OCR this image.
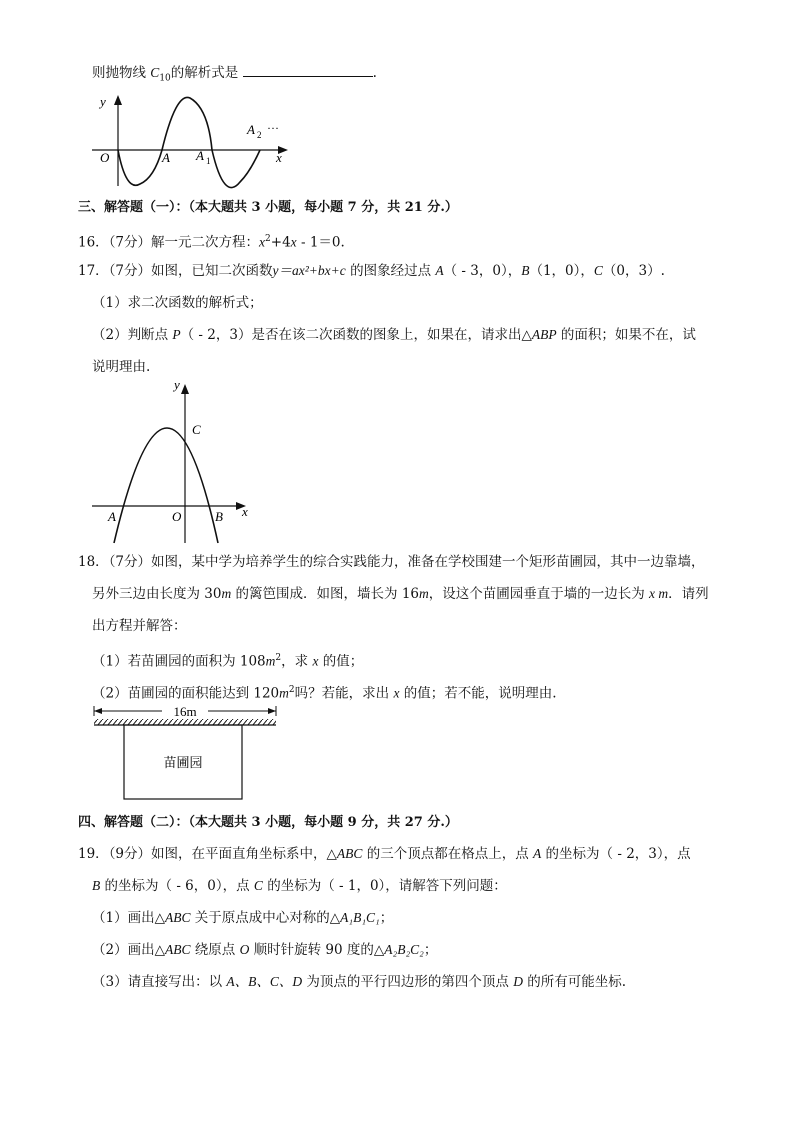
则抛物线 $C_{10}$的解析式是	.
y
O	A A 1
A 2 ···
x
三、解答题（一）：（本大题共 3 小题，每小题 7 分，共 21 分.）
16．（7分）解一元二次方程：$x^2+4x - 1=0$.
17．（7分）如图，已知二次函数y＝ax²+bx+c 的图象经过点 A（ - 3，0），B（1，0），C（0，3）.
（1）求二次函数的解析式；
（2）判断点 P（ - 2，3）是否在该二次函数的图象上，如果在，请求出△ABP 的面积；如果不在，试
说明理由.
y
C
A	O	B x
18．（7分）如图，某中学为培养学生的综合实践能力，准备在学校围建一个矩形苗圃园，其中一边靠墙，
另外三边由长度为 30m 的篱笆围成．如图，墙长为 16m，设这个苗圃园垂直于墙的一边长为 x m．请列
出方程并解答：
（1）若苗圃园的面积为 $108m^2$，求 x 的值；
（2）苗圃园的面积能达到 $120m^2$吗？若能，求出 x 的值；若不能，说明理由.
16m
苗圃园
四、解答题（二）：（本大题共 3 小题，每小题 9 分，共 27 分.）
19．（9分）如图，在平面直角坐标系中，△ABC 的三个顶点都在格点上，点 A 的坐标为（ - 2，3），点
B 的坐标为（ - 6，0），点 C 的坐标为（ - 1，0），请解答下列问题：
（1）画出△ABC 关于原点成中心对称的△A₁B₁C₁；
（2）画出△ABC 绕原点 O 顺时针旋转 90 度的△A₂B₂C₂；
（3）请直接写出：以 A、B、C、D 为顶点的平行四边形的第四个顶点 D 的所有可能坐标.
